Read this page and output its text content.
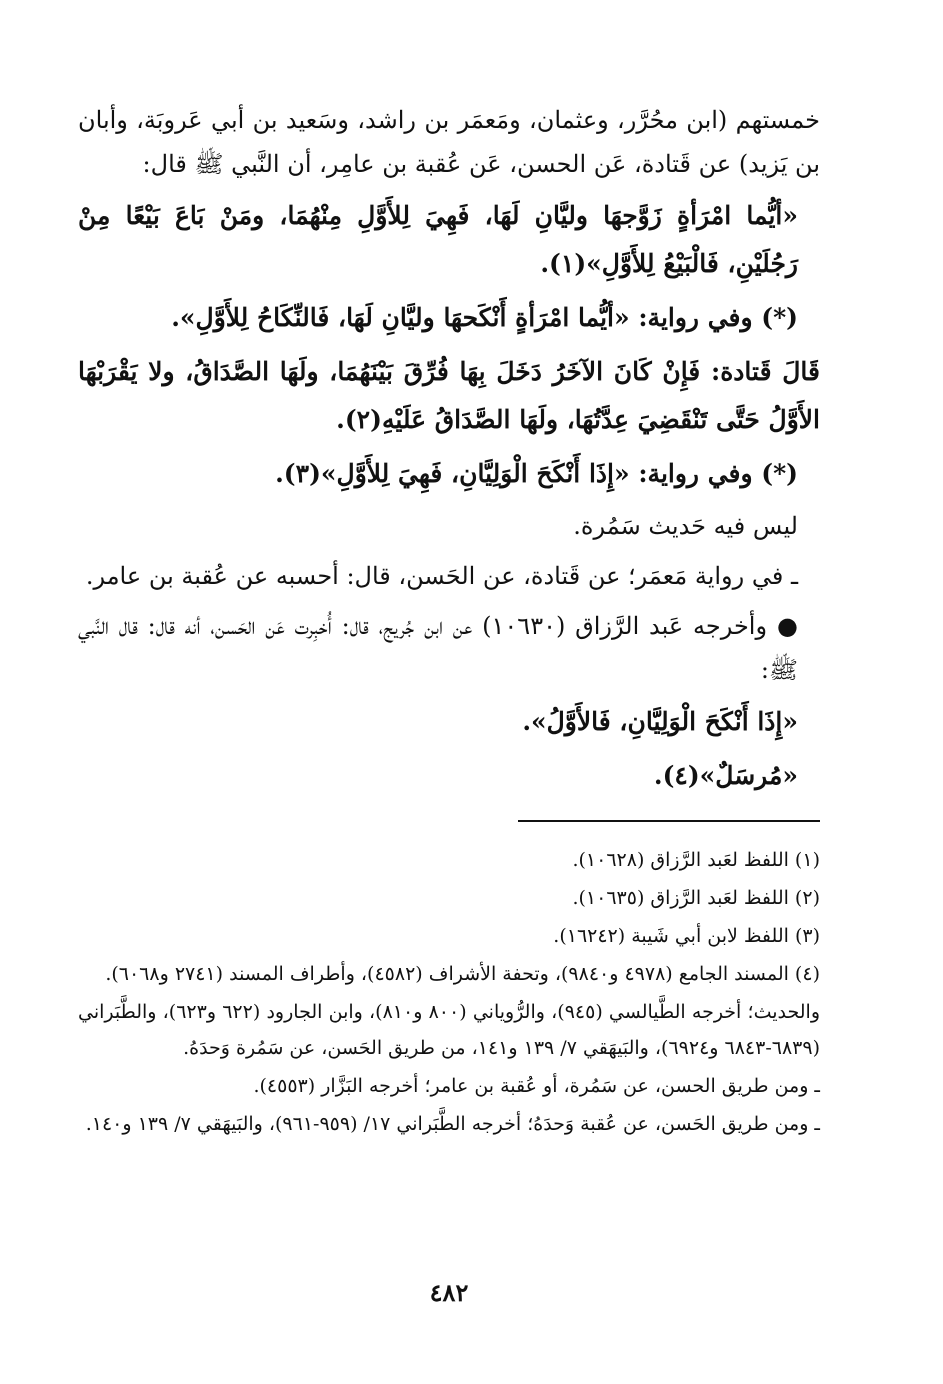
خمستهم (ابن محُرَّر، وعثمان، ومَعمَر بن راشد، وسَعيد بن أبي عَروبَة، وأبان بن يَزيد) عن قَتادة، عَن الحسن، عَن عُقبة بن عامِر، أن النَّبي ﷺ قال:

«أيُّما امْرَأةٍ زَوَّجهَا وليَّانِ لَهَا، فَهِيَ لِلأَوَّلِ مِنْهُمَا، ومَنْ بَاعَ بَيْعًا مِنْ رَجُلَيْنِ، فَالْبَيْعُ لِلأَوَّلِ»(١).

(*) وفي رواية: «أيُّما امْرَأةٍ أَنْكَحهَا وليَّانِ لَهَا، فَالنِّكَاحُ لِلأَوَّلِ».

قَالَ قَتادة: فَإِنْ كَانَ الآخَرُ دَخَلَ بِهَا فُرِّقَ بَيْنَهُمَا، ولَهَا الصَّدَاقُ، ولا يَقْرَبْهَا الأَوَّلُ حَتَّى تَنْقَضِيَ عِدَّتُهَا، ولَهَا الصَّدَاقُ عَلَيْهِ(٢).

(*) وفي رواية: «إِذَا أَنْكَحَ الْوَلِيَّانِ، فَهِيَ لِلأَوَّلِ»(٣).

ليس فيه حَديث سَمُرة.

ـ في رواية مَعمَر؛ عن قَتادة، عن الحَسن، قال: أحسبه عن عُقبة بن عامر.

●وأخرجه عَبد الرَّزاق (١٠٦٣٠) عن ابن جُريج، قال: أُخبِرت عَن الحَسن، أنه قال: قال النَّبي ﷺ:

«إِذَا أَنْكَحَ الْوَلِيَّانِ، فَالأَوَّلُ».

«مُرسَلٌ»(٤).

(١) اللفظ لعَبد الرَّزاق (١٠٦٢٨).

(٢) اللفظ لعَبد الرَّزاق (١٠٦٣٥).

(٣) اللفظ لابن أبي شَيبة (١٦٢٤٢).

(٤) المسند الجامع (٤٩٧٨ و٩٨٤٠)، وتحفة الأشراف (٤٥٨٢)، وأطراف المسند (٢٧٤١ و٦٠٦٨).

والحديث؛ أخرجه الطَّيالسي (٩٤٥)، والرُّوياني (٨٠٠ و٨١٠)، وابن الجارود (٦٢٢ و٦٢٣)، والطَّبَراني (٦٨٣٩-٦٨٤٣ و٦٩٢٤)، والبَيهَقي ٧/ ١٣٩ و١٤١، من طريق الحَسن، عن سَمُرة وَحدَهُ.

ـ ومن طريق الحسن، عن سَمُرة، أو عُقبة بن عامر؛ أخرجه البَزَّار (٤٥٥٣).

ـ ومن طريق الحَسن، عن عُقبة وَحدَهُ؛ أخرجه الطَّبَراني ١٧/ (٩٥٩-٩٦١)، والبَيهَقي ٧/ ١٣٩ و١٤٠.

٤٨٢
